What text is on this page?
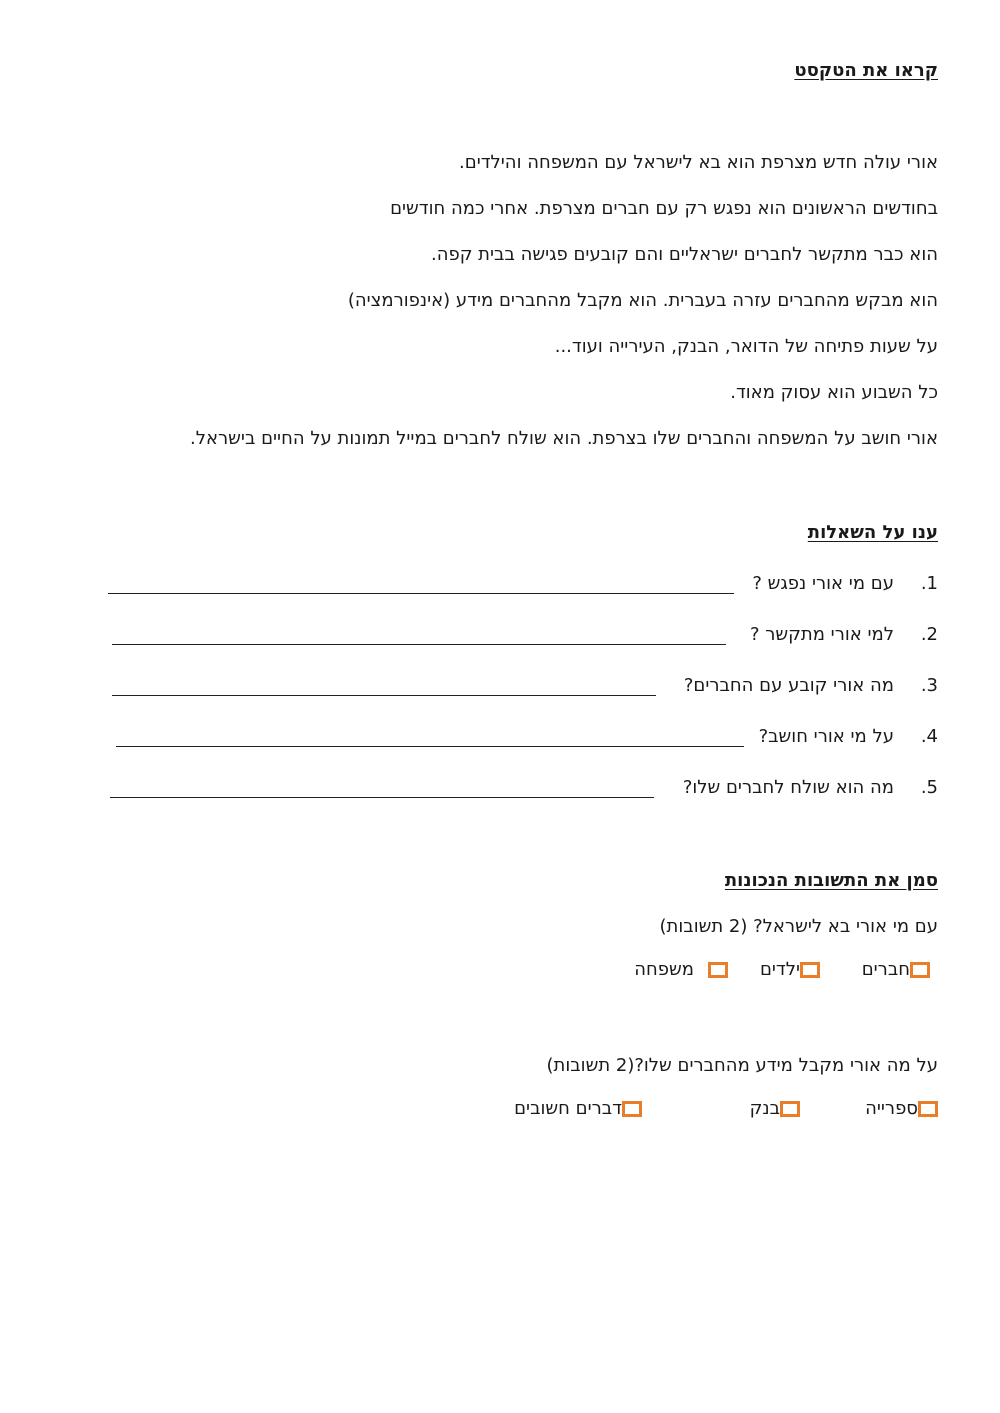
קראו את הטקסט
אורי עולה חדש מצרפת הוא בא לישראל עם המשפחה והילדים.
בחודשים הראשונים הוא נפגש רק עם חברים מצרפת. אחרי כמה חודשים
הוא כבר מתקשר לחברים ישראליים והם קובעים פגישה בבית קפה.
הוא מבקש מהחברים עזרה בעברית. הוא מקבל מהחברים מידע (אינפורמציה)
על שעות פתיחה של הדואר, הבנק, העירייה ועוד...
כל השבוע הוא עסוק מאוד.
אורי חושב על המשפחה והחברים שלו בצרפת. הוא שולח לחברים במייל תמונות על החיים בישראל.
ענו על השאלות
1.
עם מי אורי נפגש ?
2.
למי אורי מתקשר ?
3.
מה אורי קובע עם החברים?
4.
על מי אורי חושב?
5.
מה הוא שולח לחברים שלו?
סמן את התשובות הנכונות
עם מי אורי בא לישראל? (2 תשובות)
חברים
ילדים
משפחה
על מה אורי מקבל מידע מהחברים שלו?(2 תשובות)
ספרייה
בנק
דברים חשובים
